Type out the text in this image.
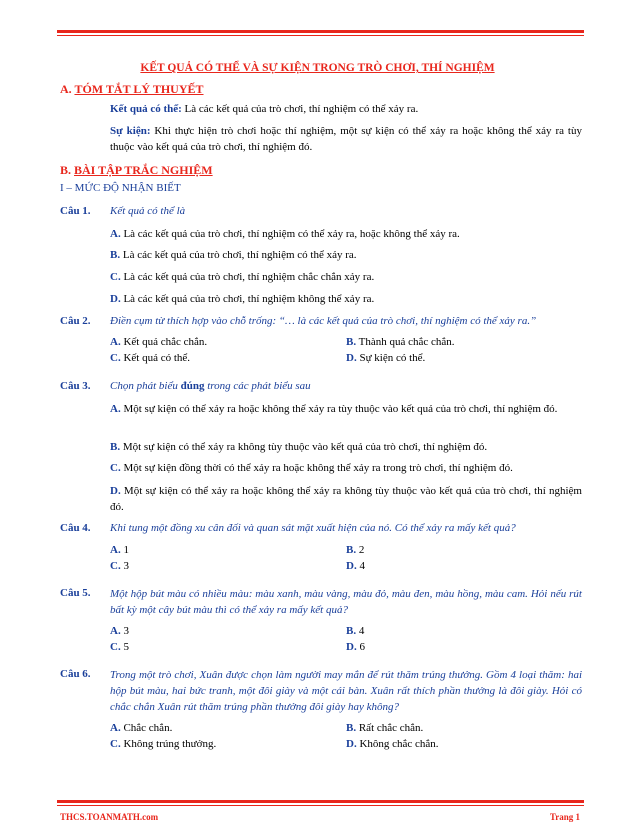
KẾT QUẢ CÓ THỂ VÀ SỰ KIỆN TRONG TRÒ CHƠI, THÍ NGHIỆM
A. TÓM TẮT LÝ THUYẾT
Kết quả có thể: Là các kết quả của trò chơi, thí nghiệm có thể xảy ra.
Sự kiện: Khi thực hiện trò chơi hoặc thí nghiệm, một sự kiện có thể xảy ra hoặc không thể xảy ra tùy thuộc vào kết quả của trò chơi, thí nghiệm đó.
B. BÀI TẬP TRẮC NGHIỆM
I – MỨC ĐỘ NHẬN BIẾT
Câu 1. Kết quả có thể là
A. Là các kết quả của trò chơi, thí nghiệm có thể xảy ra, hoặc không thể xảy ra.
B. Là các kết quả của trò chơi, thí nghiệm có thể xảy ra.
C. Là các kết quả của trò chơi, thí nghiệm chắc chắn xảy ra.
D. Là các kết quả của trò chơi, thí nghiệm không thể xảy ra.
Câu 2. Điền cụm từ thích hợp vào chỗ trống: “… là các kết quả của trò chơi, thí nghiệm có thể xảy ra.”
A. Kết quả chắc chắn.	B. Thành quả chắc chắn.
C. Kết quả có thể.	D. Sự kiện có thể.
Câu 3. Chọn phát biểu đúng trong các phát biểu sau
A. Một sự kiện có thể xảy ra hoặc không thể xảy ra tùy thuộc vào kết quả của trò chơi, thí nghiệm đó.
B. Một sự kiện có thể xảy ra không tùy thuộc vào kết quả của trò chơi, thí nghiệm đó.
C. Một sự kiện đồng thời có thể xảy ra hoặc không thể xảy ra trong trò chơi, thí nghiệm đó.
D. Một sự kiện có thể xảy ra hoặc không thể xảy ra không tùy thuộc vào kết quả của trò chơi, thí nghiệm đó.
Câu 4. Khi tung một đồng xu cân đối và quan sát mặt xuất hiện của nó. Có thể xảy ra mấy kết quả?
A. 1	B. 2
C. 3	D. 4
Câu 5. Một hộp bút màu có nhiều màu: màu xanh, màu vàng, màu đỏ, màu đen, màu hồng, màu cam. Hỏi nếu rút bất kỳ một cây bút màu thì có thể xảy ra mấy kết quả?
A. 3	B. 4
C. 5	D. 6
Câu 6. Trong một trò chơi, Xuân được chọn làm người may mắn để rút thăm trúng thưởng. Gồm 4 loại thăm: hai hộp bút màu, hai bức tranh, một đôi giày và một cái bàn. Xuân rất thích phần thưởng là đôi giày. Hỏi có chắc chắn Xuân rút thăm trúng phần thưởng đôi giày hay không?
A. Chắc chắn.	B. Rất chắc chắn.
C. Không trúng thưởng.	D. Không chắc chắn.
THCS.TOANMATH.com	Trang 1
